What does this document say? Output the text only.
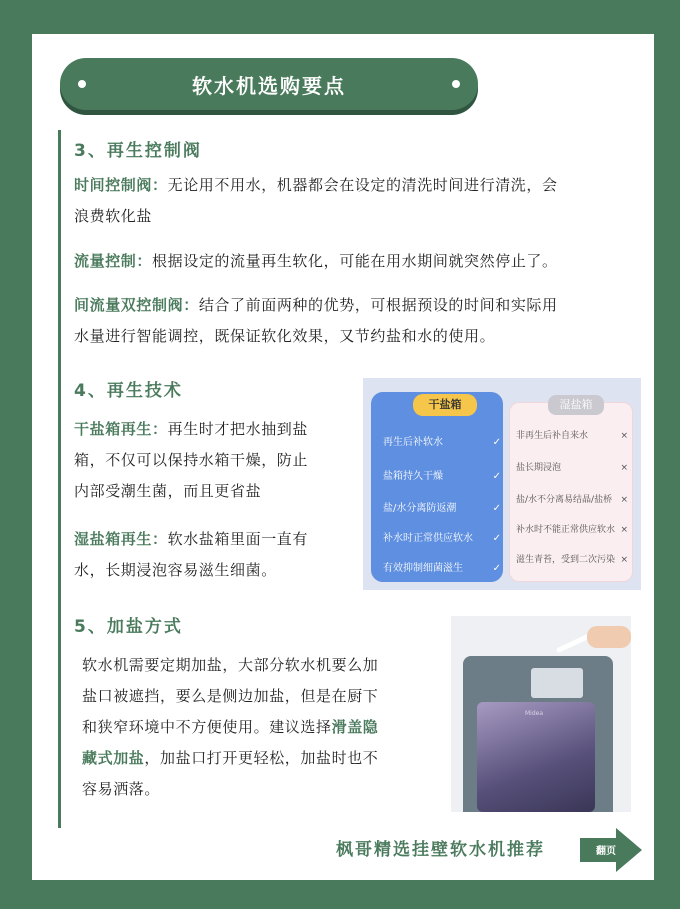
软水机选购要点
3、再生控制阀
时间控制阀：无论用不用水，机器都会在设定的清洗时间进行清洗，会
浪费软化盐
流量控制：根据设定的流量再生软化，可能在用水期间就突然停止了。
间流量双控制阀：结合了前面两种的优势，可根据预设的时间和实际用
水量进行智能调控，既保证软化效果，又节约盐和水的使用。
4、再生技术
干盐箱再生：再生时才把水抽到盐
箱，不仅可以保持水箱干燥，防止
内部受潮生菌，而且更省盐
湿盐箱再生：软水盐箱里面一直有
水，长期浸泡容易滋生细菌。
干盐箱
再生后补软水	✓
盐箱持久干燥	✓
盐/水分离防返潮	✓
补水时正常供应软水 ✓
有效抑制细菌滋生	✓
湿盐箱
非再生后补自来水	×
盐长期浸泡	×
盐/水不分离易结晶/盐桥 ×
补水时不能正常供应软水 ×
滋生青苔，受到二次污染 ×
5、加盐方式
软水机需要定期加盐，大部分软水机要么加
盐口被遮挡，要么是侧边加盐，但是在厨下
和狭窄环境中不方便使用。建议选择滑盖隐
藏式加盐，加盐口打开更轻松，加盐时也不
容易洒落。
Midea
枫哥精选挂壁软水机推荐	翻页
